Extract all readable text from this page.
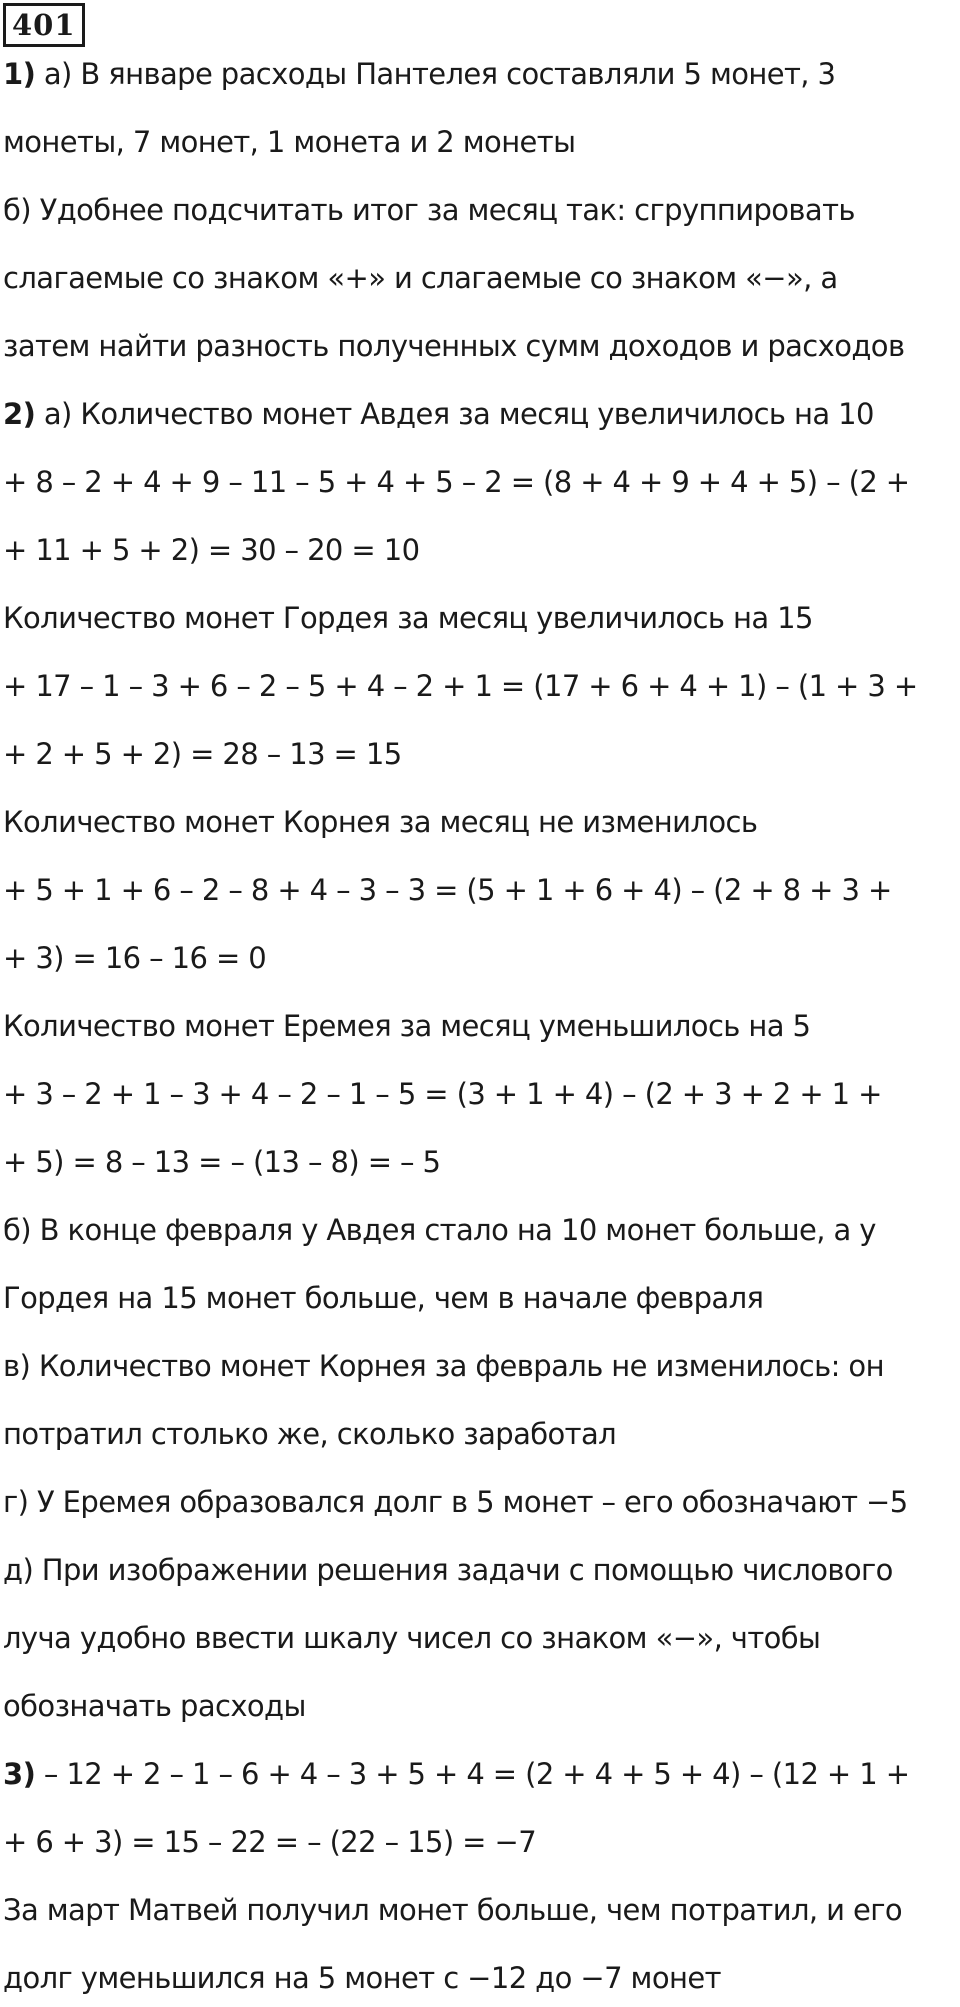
401
1) а) В январе расходы Пантелея составляли 5 монет, 3
монеты, 7 монет, 1 монета и 2 монеты
б) Удобнее подсчитать итог за месяц так: сгруппировать
слагаемые со знаком «+» и слагаемые со знаком «−», а
затем найти разность полученных сумм доходов и расходов
2) а) Количество монет Авдея за месяц увеличилось на 10
+ 8 – 2 + 4 + 9 – 11 – 5 + 4 + 5 – 2 = (8 + 4 + 9 + 4 + 5) – (2 +
+ 11 + 5 + 2) = 30 – 20 = 10
Количество монет Гордея за месяц увеличилось на 15
+ 17 – 1 – 3 + 6 – 2 – 5 + 4 – 2 + 1 = (17 + 6 + 4 + 1) – (1 + 3 +
+ 2 + 5 + 2) = 28 – 13 = 15
Количество монет Корнея за месяц не изменилось
+ 5 + 1 + 6 – 2 – 8 + 4 – 3 – 3 = (5 + 1 + 6 + 4) – (2 + 8 + 3 +
+ 3) = 16 – 16 = 0
Количество монет Еремея за месяц уменьшилось на 5
+ 3 – 2 + 1 – 3 + 4 – 2 – 1 – 5 = (3 + 1 + 4) – (2 + 3 + 2 + 1 +
+ 5) = 8 – 13 = – (13 – 8) = – 5
б) В конце февраля у Авдея стало на 10 монет больше, а у
Гордея на 15 монет больше, чем в начале февраля
в) Количество монет Корнея за февраль не изменилось: он
потратил столько же, сколько заработал
г) У Еремея образовался долг в 5 монет – его обозначают −5
д) При изображении решения задачи с помощью числового
луча удобно ввести шкалу чисел со знаком «−», чтобы
обозначать расходы
3) – 12 + 2 – 1 – 6 + 4 – 3 + 5 + 4 = (2 + 4 + 5 + 4) – (12 + 1 +
+ 6 + 3) = 15 – 22 = – (22 – 15) = −7
За март Матвей получил монет больше, чем потратил, и его
долг уменьшился на 5 монет с −12 до −7 монет
